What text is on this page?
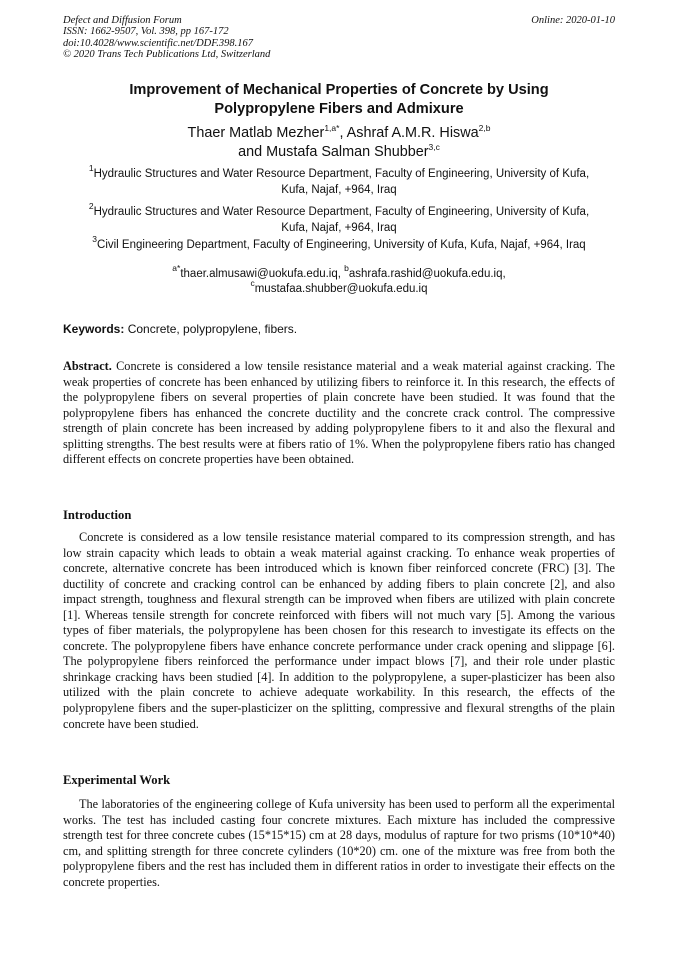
Defect and Diffusion Forum
ISSN: 1662-9507, Vol. 398, pp 167-172
doi:10.4028/www.scientific.net/DDF.398.167
© 2020 Trans Tech Publications Ltd, Switzerland
Online: 2020-01-10
Improvement of Mechanical Properties of Concrete by Using
Polypropylene Fibers and Admixure
Thaer Matlab Mezher$^{1,a*}$, Ashraf A.M.R. Hiswa$^{2,b}$
and Mustafa Salman Shubber$^{3,c}$
$^1$Hydraulic Structures and Water Resource Department, Faculty of Engineering, University of Kufa,
Kufa, Najaf, +964, Iraq
$^2$Hydraulic Structures and Water Resource Department, Faculty of Engineering, University of Kufa,
Kufa, Najaf, +964, Iraq
$^3$Civil Engineering Department, Faculty of Engineering, University of Kufa, Kufa, Najaf, +964, Iraq
$^{a*}$thaer.almusawi@uokufa.edu.iq, $^b$ashrafa.rashid@uokufa.edu.iq,
$^c$mustafaa.shubber@uokufa.edu.iq
Keywords: Concrete, polypropylene, fibers.
Abstract. Concrete is considered a low tensile resistance material and a weak material against cracking. The weak properties of concrete has been enhanced by utilizing fibers to reinforce it. In this research, the effects of the polypropylene fibers on several properties of plain concrete have been studied. It was found that the polypropylene fibers has enhanced the concrete ductility and the concrete crack control. The compressive strength of plain concrete has been increased by adding polypropylene fibers to it and also the flexural and splitting strengths. The best results were at fibers ratio of 1%. When the polypropylene fibers ratio has changed different effects on concrete properties have been obtained.
Introduction
Concrete is considered as a low tensile resistance material compared to its compression strength, and has low strain capacity which leads to obtain a weak material against cracking. To enhance weak properties of concrete, alternative concrete has been introduced which is known fiber reinforced concrete (FRC) [3]. The ductility of concrete and cracking control can be enhanced by adding fibers to plain concrete [2], and also impact strength, toughness and flexural strength can be improved when fibers are utilized with plain concrete [1]. Whereas tensile strength for concrete reinforced with fibers will not much vary [5]. Among the various types of fiber materials, the polypropylene has been chosen for this research to investigate its effects on the concrete. The polypropylene fibers have enhance concrete performance under crack opening and slippage [6]. The polypropylene fibers reinforced the performance under impact blows [7], and their role under plastic shrinkage cracking havs been studied [4]. In addition to the polypropylene, a super-plasticizer has been also utilized with the plain concrete to achieve adequate workability. In this research, the effects of the polypropylene fibers and the super-plasticizer on the splitting, compressive and flexural strengths of the plain concrete have been studied.
Experimental Work
The laboratories of the engineering college of Kufa university has been used to perform all the experimental works. The test has included casting four concrete mixtures. Each mixture has included the compressive strength test for three concrete cubes (15*15*15) cm at 28 days, modulus of rapture for two prisms (10*10*40) cm, and splitting strength for three concrete cylinders (10*20) cm. one of the mixture was free from both the polypropylene fibers and the rest has included them in different ratios in order to investigate their effects on the concrete properties.
